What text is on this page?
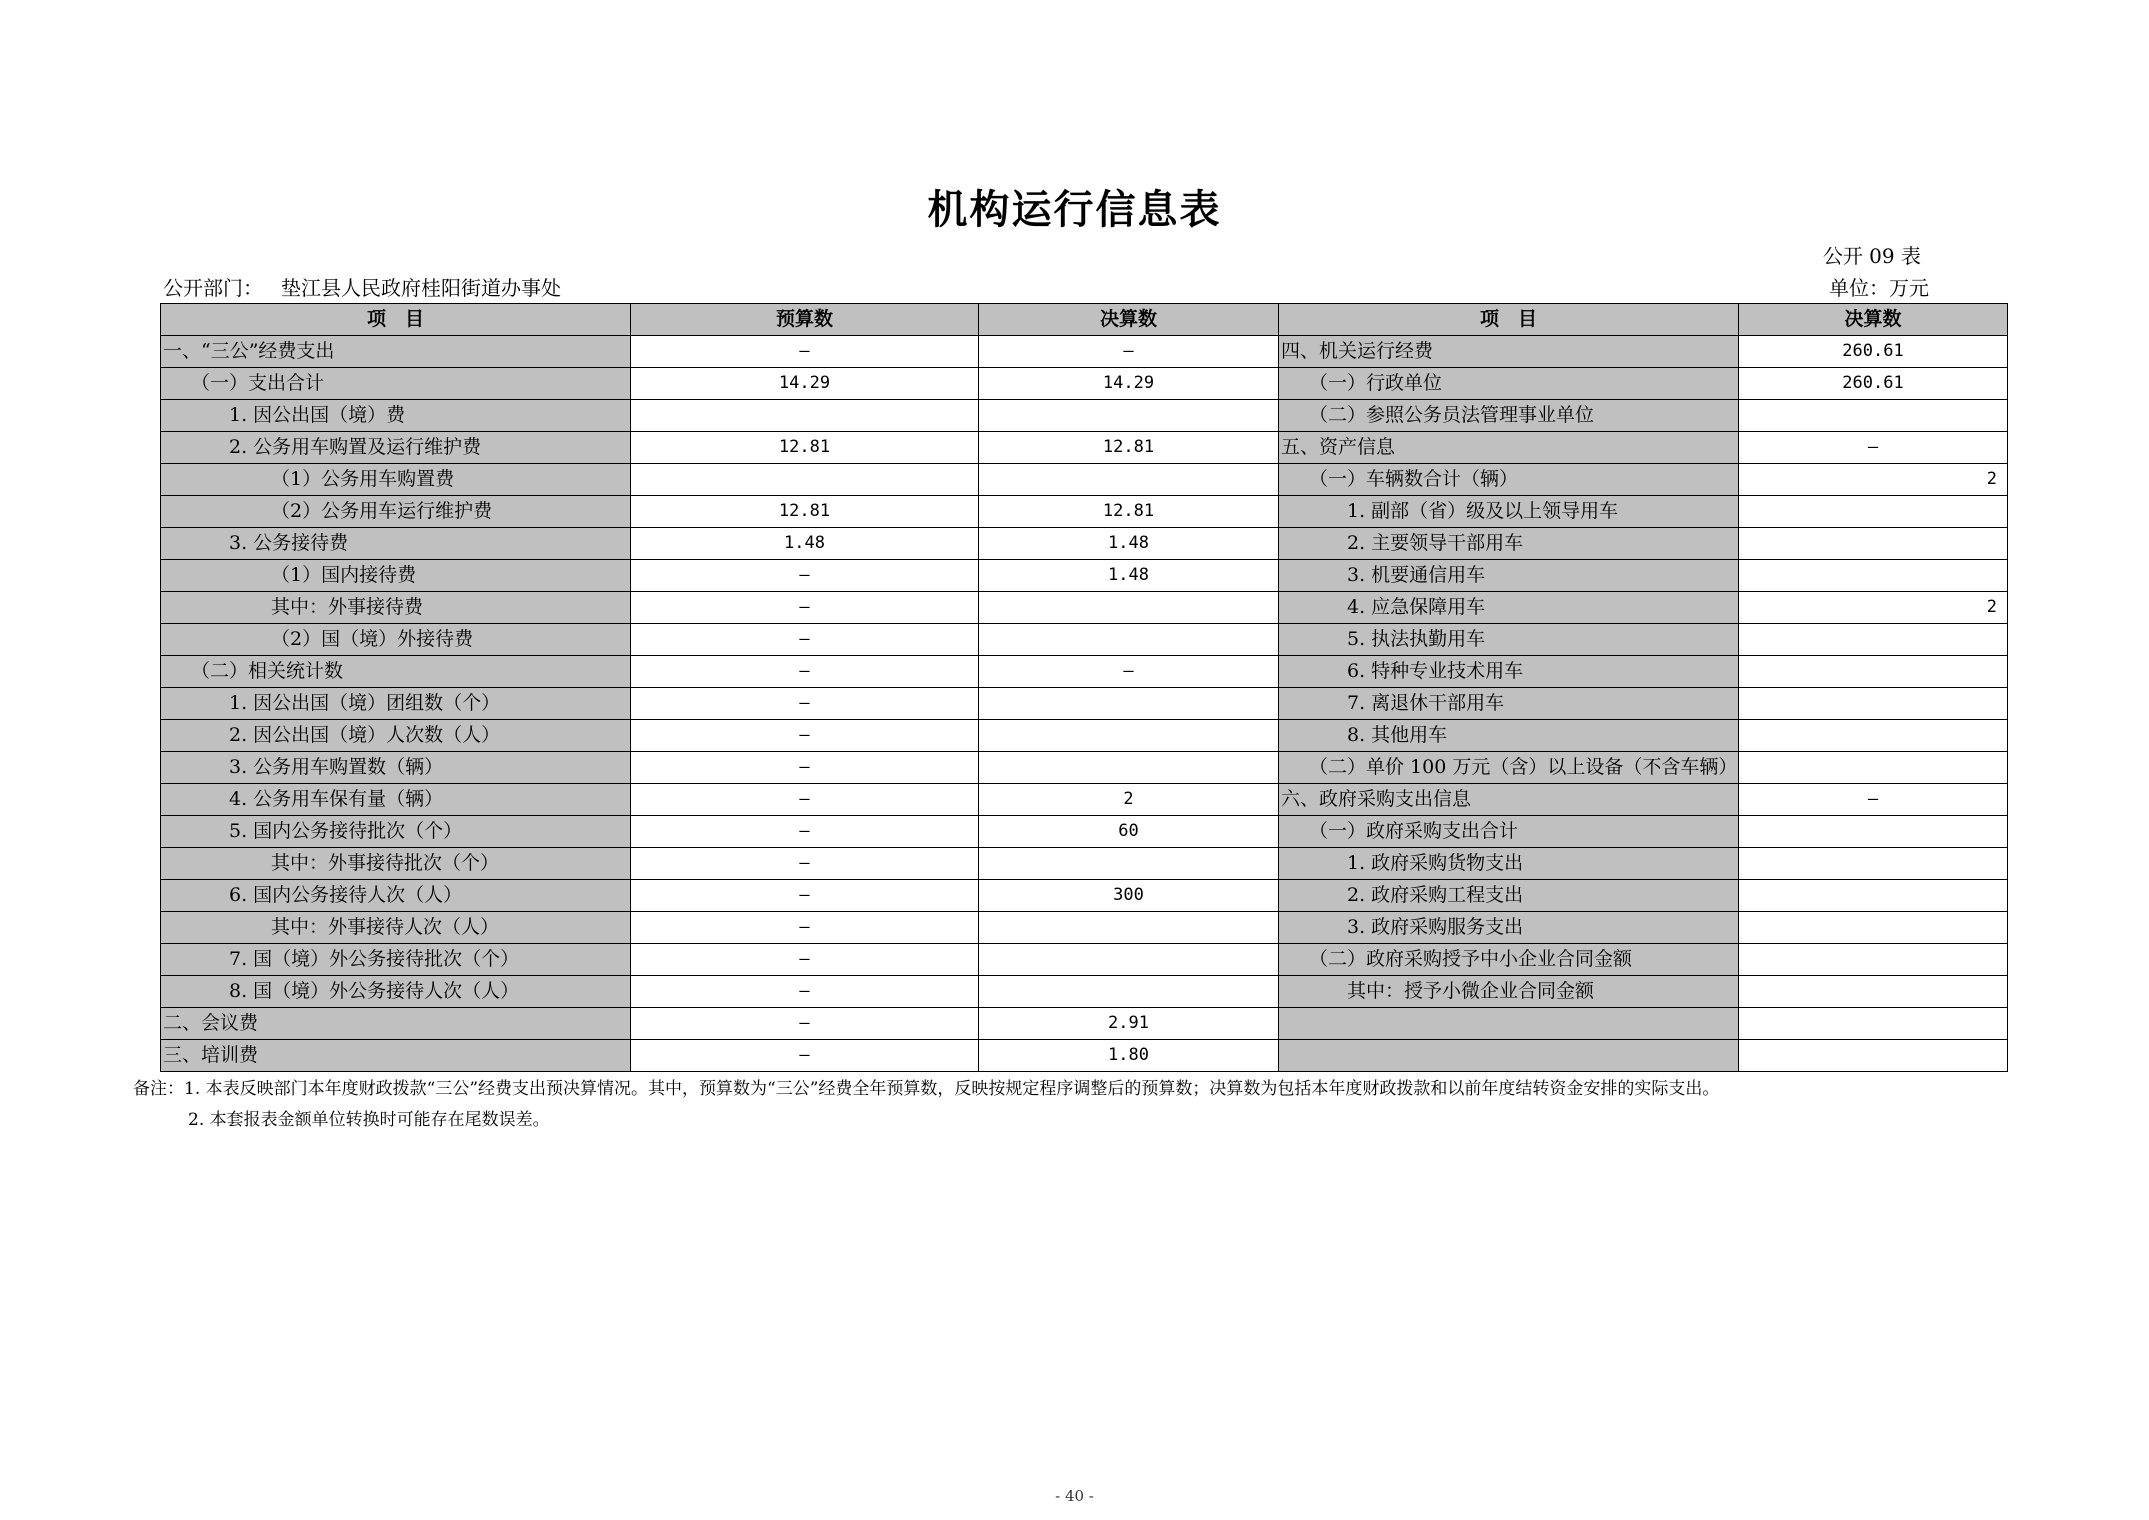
机构运行信息表
公开 09 表
公开部门： 垫江县人民政府桂阳街道办事处	单位：万元
项　目	预算数	决算数	项　目	决算数
一、“三公”经费支出	—	—	四、机关运行经费	260.61
（一）支出合计	14.29	14.29	（一）行政单位	260.61
1. 因公出国（境）费			（二）参照公务员法管理事业单位	
2. 公务用车购置及运行维护费	12.81	12.81	五、资产信息	—
（1）公务用车购置费			（一）车辆数合计（辆）	2
（2）公务用车运行维护费	12.81	12.81	1. 副部（省）级及以上领导用车	
3. 公务接待费	1.48	1.48	2. 主要领导干部用车	
（1）国内接待费	—	1.48	3. 机要通信用车	
其中：外事接待费	—		4. 应急保障用车	2
（2）国（境）外接待费	—		5. 执法执勤用车	
（二）相关统计数	—	—	6. 特种专业技术用车	
1. 因公出国（境）团组数（个）	—		7. 离退休干部用车	
2. 因公出国（境）人次数（人）	—		8. 其他用车	
3. 公务用车购置数（辆）	—		（二）单价 100 万元（含）以上设备（不含车辆）	
4. 公务用车保有量（辆）	—	2	六、政府采购支出信息	—
5. 国内公务接待批次（个）	—	60	（一）政府采购支出合计	
其中：外事接待批次（个）	—		1. 政府采购货物支出	
6. 国内公务接待人次（人）	—	300	2. 政府采购工程支出	
其中：外事接待人次（人）	—		3. 政府采购服务支出	
7. 国（境）外公务接待批次（个）	—		（二）政府采购授予中小企业合同金额	
8. 国（境）外公务接待人次（人）	—		其中：授予小微企业合同金额	
二、会议费	—	2.91		
三、培训费	—	1.80		
备注：1. 本表反映部门本年度财政拨款“三公”经费支出预决算情况。其中，预算数为“三公”经费全年预算数，反映按规定程序调整后的预算数；决算数为包括本年度财政拨款和以前年度结转资金安排的实际支出。
2. 本套报表金额单位转换时可能存在尾数误差。
- 40 -
